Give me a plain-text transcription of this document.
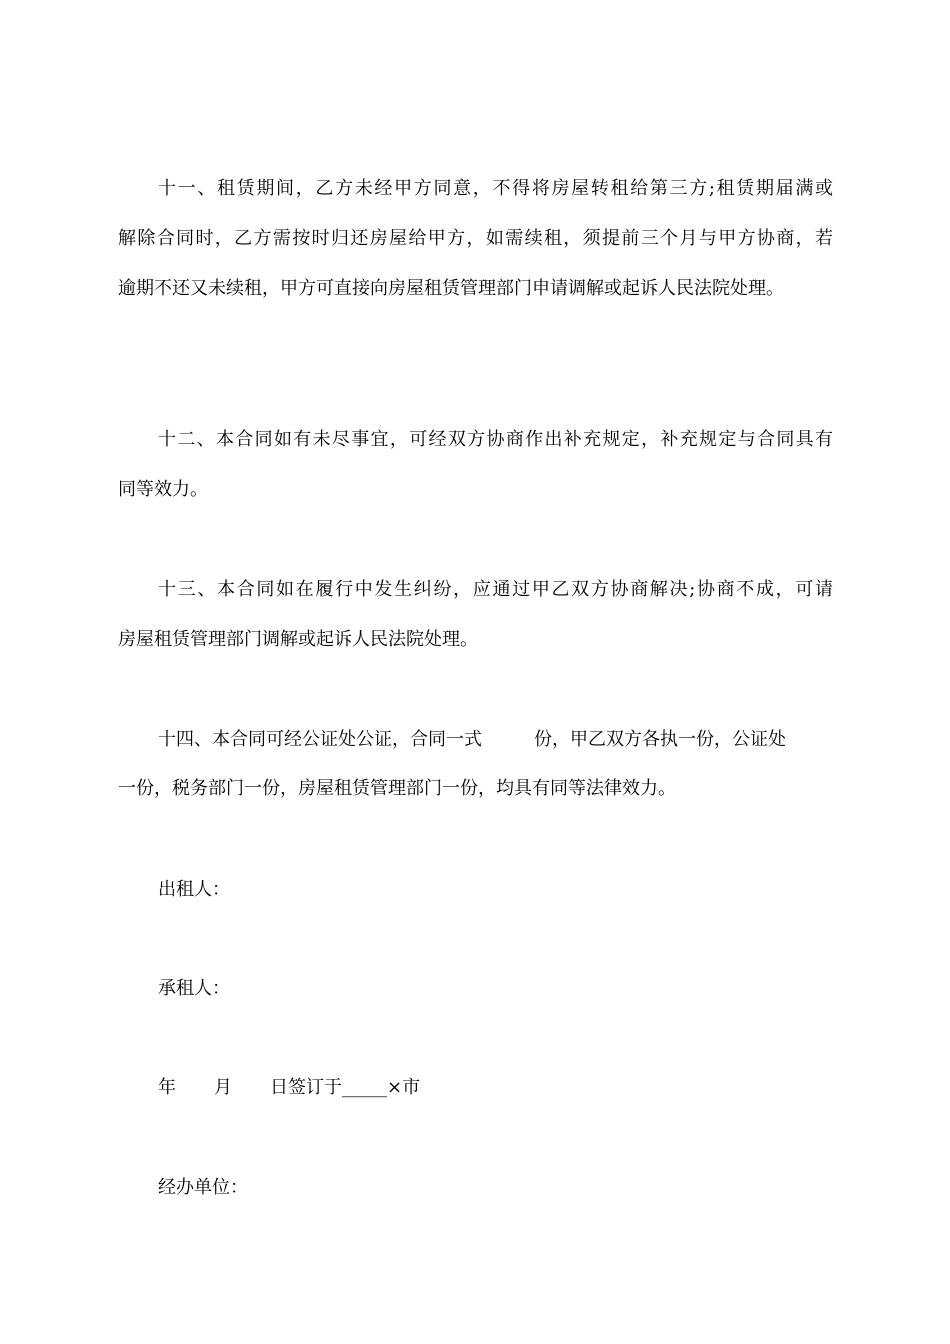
十一、租赁期间，乙方未经甲方同意，不得将房屋转租给第三方;租赁期届满或
解除合同时，乙方需按时归还房屋给甲方，如需续租，须提前三个月与甲方协商，若
逾期不还又未续租，甲方可直接向房屋租赁管理部门申请调解或起诉人民法院处理。
十二、本合同如有未尽事宜，可经双方协商作出补充规定，补充规定与合同具有
同等效力。
十三、本合同如在履行中发生纠纷，应通过甲乙双方协商解决;协商不成，可请
房屋租赁管理部门调解或起诉人民法院处理。
十四、本合同可经公证处公证，合同一式	份，甲乙双方各执一份，公证处
一份，税务部门一份，房屋租赁管理部门一份，均具有同等法律效力。
出租人：
承租人：
年 月 日签订于_____×市
经办单位：
